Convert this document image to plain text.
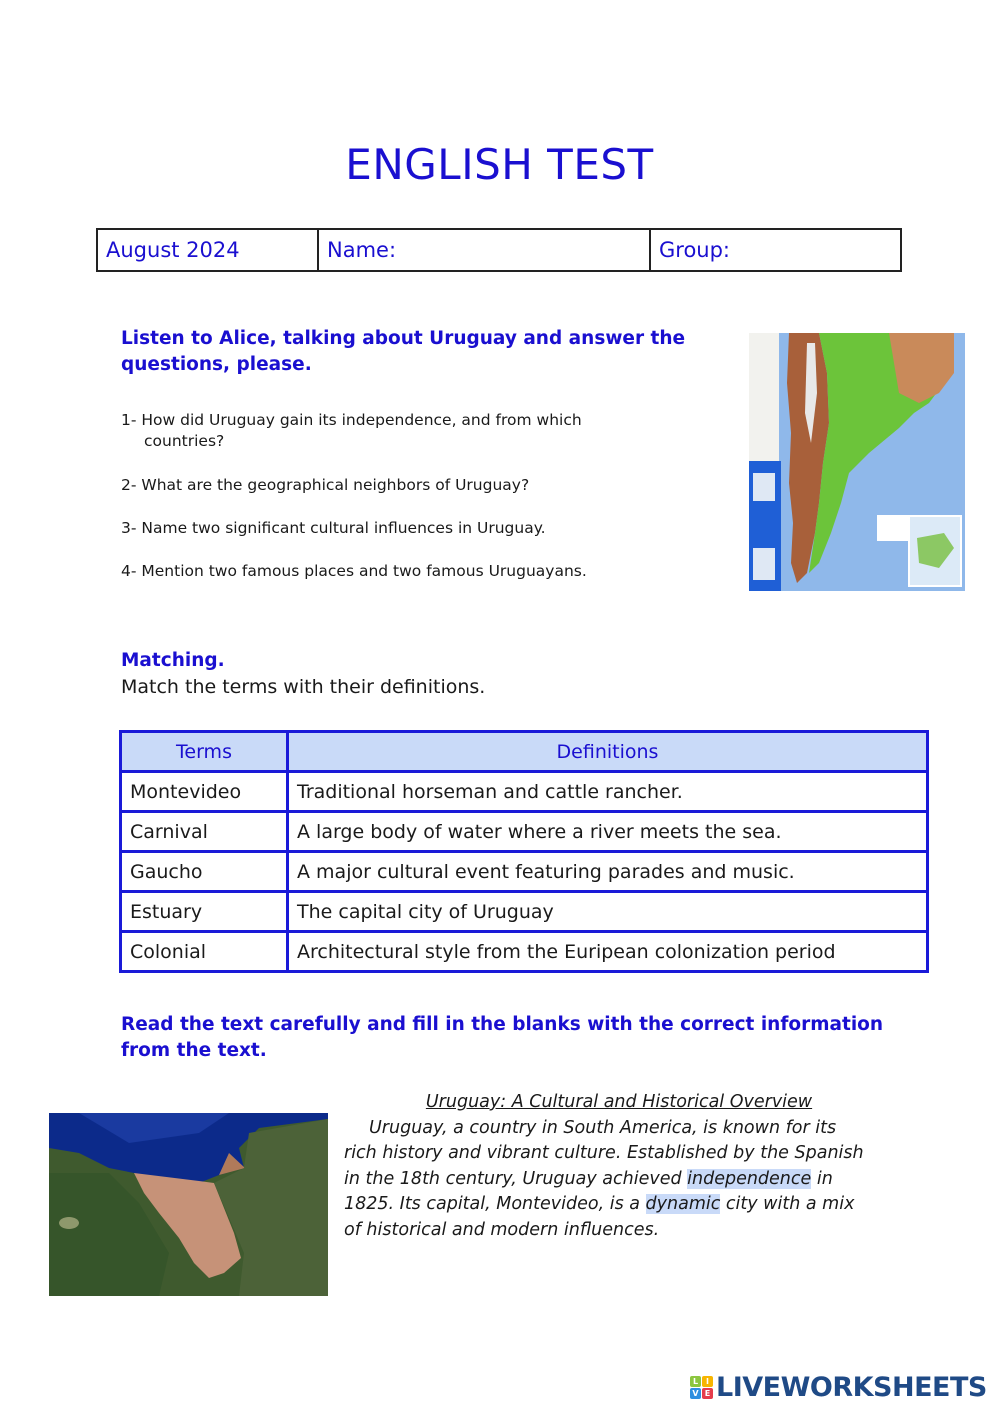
ENGLISH TEST
August 2024	Name:	Group:
Listen to Alice, talking about Uruguay and answer the questions, please.
1- How did Uruguay gain its independence, and from which
countries?
2- What are the geographical neighbors of Uruguay?
3- Name two significant cultural influences in Uruguay.
4- Mention two famous places and two famous Uruguayans.
Matching.
Match the terms with their definitions.
Terms	Definitions
Montevideo	Traditional horseman and cattle rancher.
Carnival	A large body of water where a river meets the sea.
Gaucho	A major cultural event featuring parades and music.
Estuary	The capital city of Uruguay
Colonial	Architectural style from the Euripean colonization period
Read the text carefully and fill in the blanks with the correct information from the text.
Uruguay: A Cultural and Historical Overview
Uruguay, a country in South America, is known for its rich history and vibrant culture. Established by the Spanish in the 18th century, Uruguay achieved independence in 1825. Its capital, Montevideo, is a dynamic city with a mix of historical and modern influences.
L I
V E LIVEWORKSHEETS
